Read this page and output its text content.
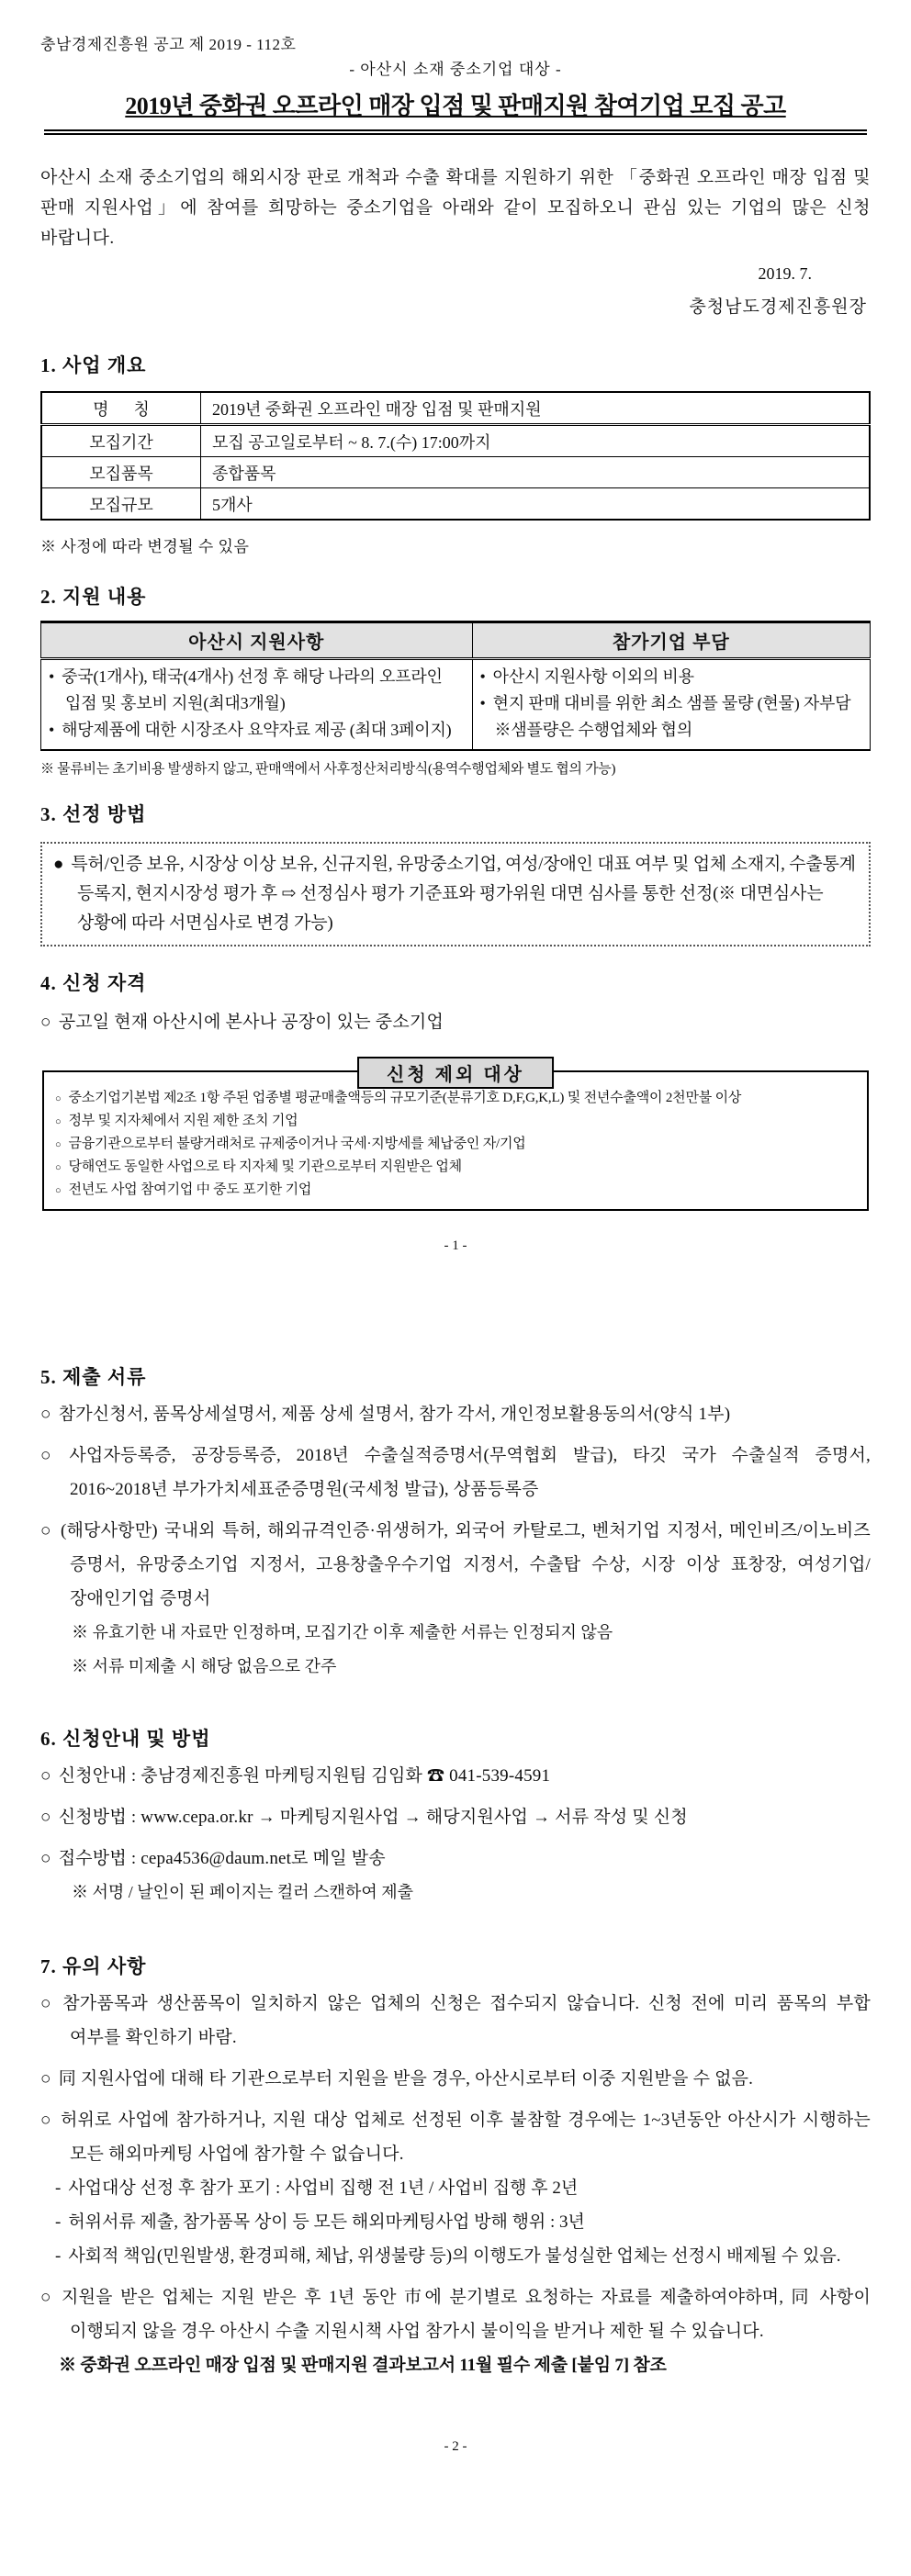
충남경제진흥원 공고 제 2019 - 112호
- 아산시 소재 중소기업 대상 -
2019년 중화권 오프라인 매장 입점 및 판매지원 참여기업 모집 공고
아산시 소재 중소기업의 해외시장 판로 개척과 수출 확대를 지원하기 위한 「중화권 오프라인 매장 입점 및 판매 지원사업」에 참여를 희망하는 중소기업을 아래와 같이 모집하오니 관심 있는 기업의 많은 신청 바랍니다.
2019. 7.
충청남도경제진흥원장
1. 사업 개요
명      칭	2019년 중화권 오프라인 매장 입점 및 판매지원
모집기간	모집 공고일로부터 ~ 8. 7.(수) 17:00까지
모집품목	종합품목
모집규모	5개사
※ 사정에 따라 변경될 수 있음
2. 지원 내용
아산시 지원사항	참가기업 부담

• 중국(1개사), 태국(4개사) 선정 후 해당 나라의 오프라인 입점 및 홍보비 지원(최대3개월)
• 해당제품에 대한 시장조사 요약자료 제공 (최대 3페이지)

• 아산시 지원사항 이외의 비용
• 현지 판매 대비를 위한 최소 샘플 물량 (현물) 자부담
※샘플량은 수행업체와 협의
※ 물류비는 초기비용 발생하지 않고, 판매액에서 사후정산처리방식(용역수행업체와 별도 협의 가능)
3. 선정 방법
● 특허/인증 보유, 시장상 이상 보유, 신규지원, 유망중소기업, 여성/장애인 대표 여부 및 업체 소재지, 수출통계 등록지, 현지시장성 평가 후 ⇨ 선정심사 평가 기준표와 평가위원 대면 심사를 통한 선정(※ 대면심사는 상황에 따라 서면심사로 변경 가능)
4. 신청 자격
○ 공고일 현재 아산시에 본사나 공장이 있는 중소기업
신청 제외 대상
○ 중소기업기본법 제2조 1항 주된 업종별 평균매출액등의 규모기준(분류기호 D,F,G,K,L) 및 전년수출액이 2천만불 이상
○ 정부 및 지자체에서 지원 제한 조치 기업
○ 금융기관으로부터 불량거래처로 규제중이거나 국세·지방세를 체납중인 자/기업
○ 당해연도 동일한 사업으로 타 지자체 및 기관으로부터 지원받은 업체
○ 전년도 사업 참여기업 中 중도 포기한 기업
- 1 -
5. 제출 서류
○ 참가신청서, 품목상세설명서, 제품 상세 설명서, 참가 각서, 개인정보활용동의서(양식 1부)
○ 사업자등록증, 공장등록증, 2018년 수출실적증명서(무역협회 발급), 타깃 국가 수출실적 증명서, 2016~2018년 부가가치세표준증명원(국세청 발급), 상품등록증
○ (해당사항만) 국내외 특허, 해외규격인증·위생허가, 외국어 카탈로그, 벤처기업 지정서, 메인비즈/이노비즈 증명서, 유망중소기업 지정서, 고용창출우수기업 지정서, 수출탑 수상, 시장 이상 표창장, 여성기업/장애인기업 증명서
※ 유효기한 내 자료만 인정하며, 모집기간 이후 제출한 서류는 인정되지 않음
※ 서류 미제출 시 해당 없음으로 간주
6. 신청안내 및 방법
○ 신청안내 : 충남경제진흥원 마케팅지원팀 김임화 ☎ 041-539-4591
○ 신청방법 : www.cepa.or.kr → 마케팅지원사업 → 해당지원사업 → 서류 작성 및 신청
○ 접수방법 : cepa4536@daum.net로 메일 발송
※ 서명 / 날인이 된 페이지는 컬러 스캔하여 제출
7. 유의 사항
○ 참가품목과 생산품목이 일치하지 않은 업체의 신청은 접수되지 않습니다. 신청 전에 미리 품목의 부합 여부를 확인하기 바람.
○ 同 지원사업에 대해 타 기관으로부터 지원을 받을 경우, 아산시로부터 이중 지원받을 수 없음.
○ 허위로 사업에 참가하거나, 지원 대상 업체로 선정된 이후 불참할 경우에는 1~3년동안 아산시가 시행하는 모든 해외마케팅 사업에 참가할 수 없습니다.
- 사업대상 선정 후 참가 포기 : 사업비 집행 전 1년 / 사업비 집행 후 2년
- 허위서류 제출, 참가품목 상이 등 모든 해외마케팅사업 방해 행위 : 3년
- 사회적 책임(민원발생, 환경피해, 체납, 위생불량 등)의 이행도가 불성실한 업체는 선정시 배제될 수 있음.
○ 지원을 받은 업체는 지원 받은 후 1년 동안 市에 분기별로 요청하는 자료를 제출하여야하며, 同 사항이 이행되지 않을 경우 아산시 수출 지원시책 사업 참가시 불이익을 받거나 제한 될 수 있습니다.
※ 중화권 오프라인 매장 입점 및 판매지원 결과보고서 11월 필수 제출 [붙임 7] 참조
- 2 -
